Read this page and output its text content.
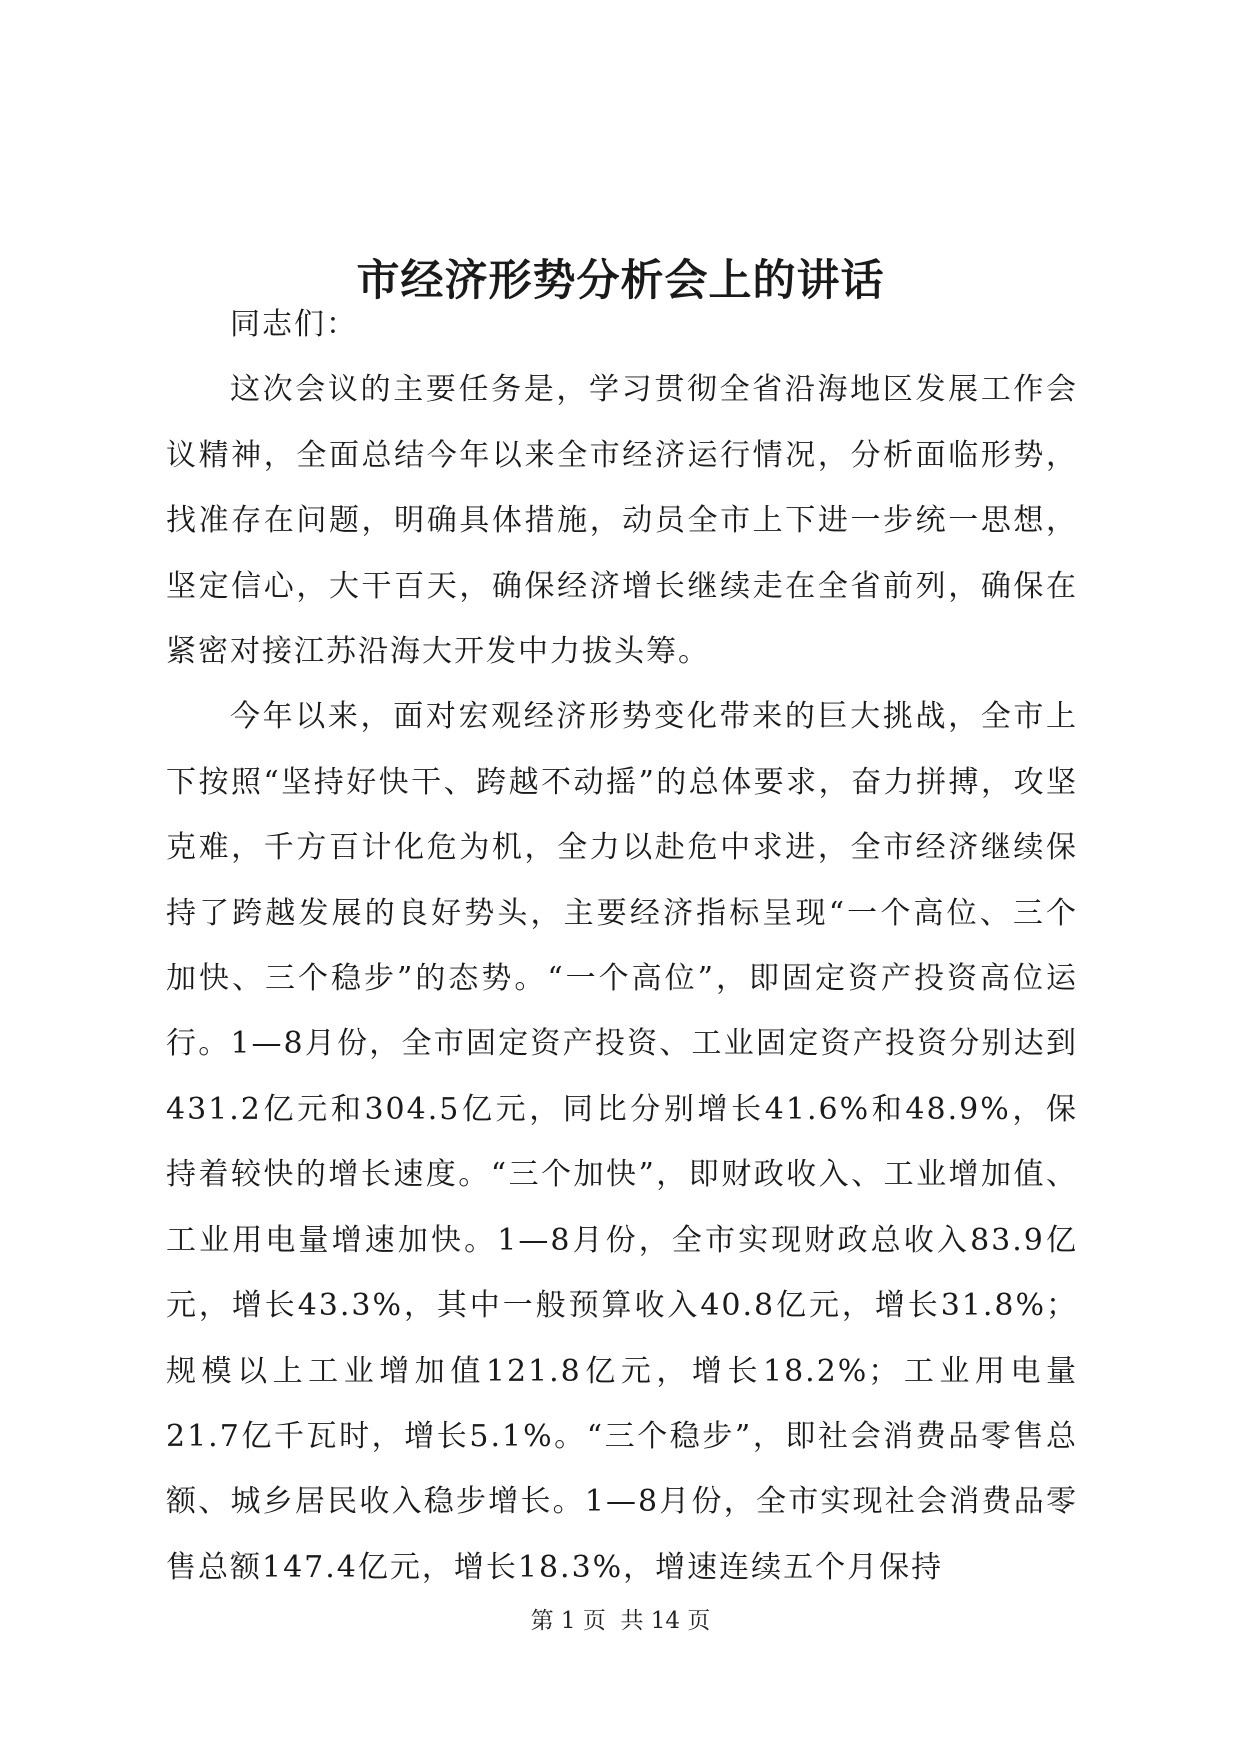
市经济形势分析会上的讲话

同志们：

这次会议的主要任务是，学习贯彻全省沿海地区发展工作会议精神，全面总结今年以来全市经济运行情况，分析面临形势，找准存在问题，明确具体措施，动员全市上下进一步统一思想，坚定信心，大干百天，确保经济增长继续走在全省前列，确保在紧密对接江苏沿海大开发中力拔头筹。

今年以来，面对宏观经济形势变化带来的巨大挑战，全市上下按照“坚持好快干、跨越不动摇”的总体要求，奋力拼搏，攻坚克难，千方百计化危为机，全力以赴危中求进，全市经济继续保持了跨越发展的良好势头，主要经济指标呈现“一个高位、三个加快、三个稳步”的态势。“一个高位”，即固定资产投资高位运行。1—8月份，全市固定资产投资、工业固定资产投资分别达到431.2亿元和304.5亿元，同比分别增长41.6%和48.9%，保持着较快的增长速度。“三个加快”，即财政收入、工业增加值、工业用电量增速加快。1—8月份，全市实现财政总收入83.9亿元，增长43.3%，其中一般预算收入40.8亿元，增长31.8%；规模以上工业增加值121.8亿元，增长18.2%；工业用电量21.7亿千瓦时，增长5.1%。“三个稳步”，即社会消费品零售总额、城乡居民收入稳步增长。1—8月份，全市实现社会消费品零售总额147.4亿元，增长18.3%，增速连续五个月保持

第 1 页  共 14 页
